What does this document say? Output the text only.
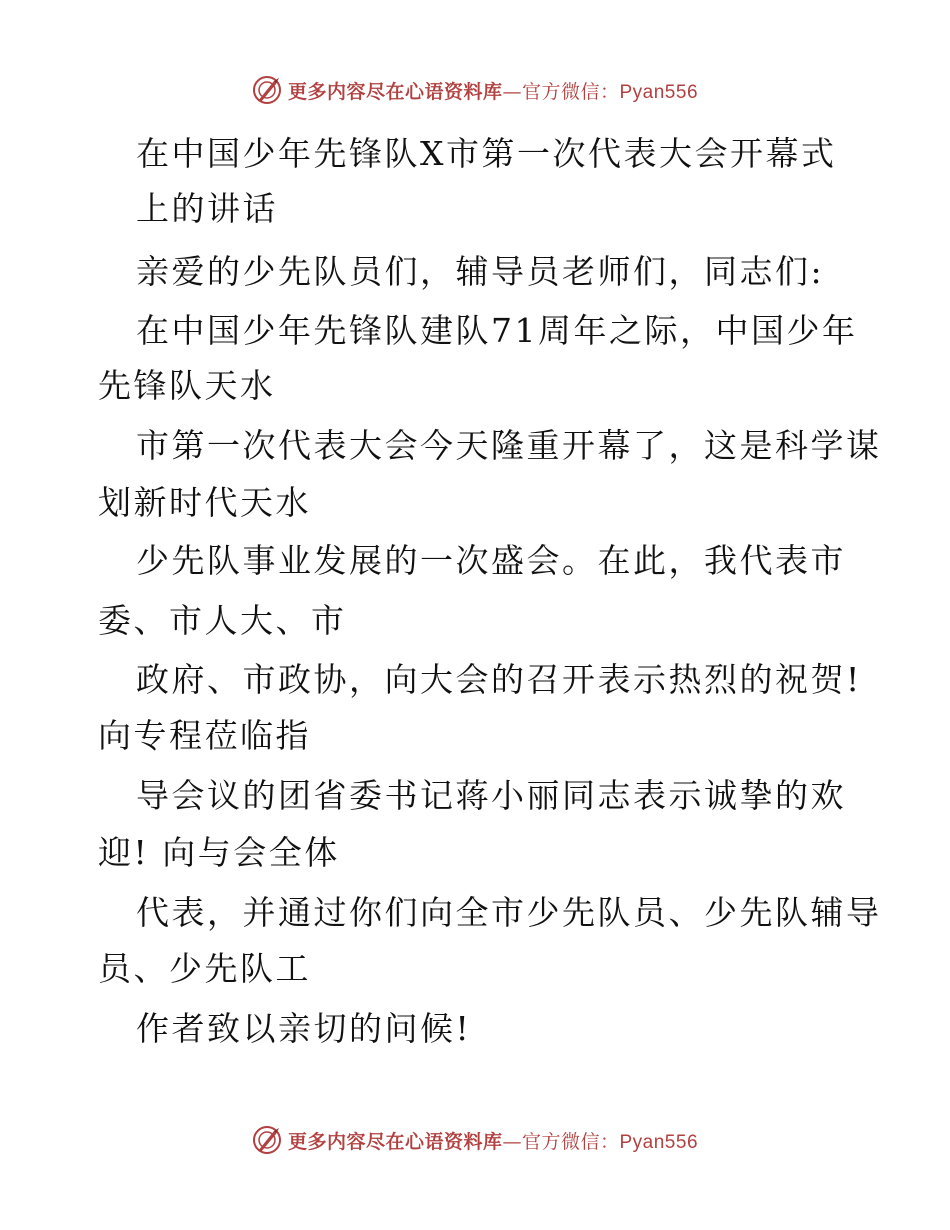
更多内容尽在心语资料库—官方微信：Pyan556
在中国少年先锋队X市第一次代表大会开幕式
上的讲话
亲爱的少先队员们，辅导员老师们，同志们:
在中国少年先锋队建队71周年之际，中国少年
先锋队天水
市第一次代表大会今天隆重开幕了，这是科学谋
划新时代天水
少先队事业发展的一次盛会。在此，我代表市
委、市人大、市
政府、市政协，向大会的召开表示热烈的祝贺!
向专程莅临指
导会议的团省委书记蒋小丽同志表示诚挚的欢
迎! 向与会全体
代表，并通过你们向全市少先队员、少先队辅导
员、少先队工
作者致以亲切的问候!
更多内容尽在心语资料库—官方微信：Pyan556
